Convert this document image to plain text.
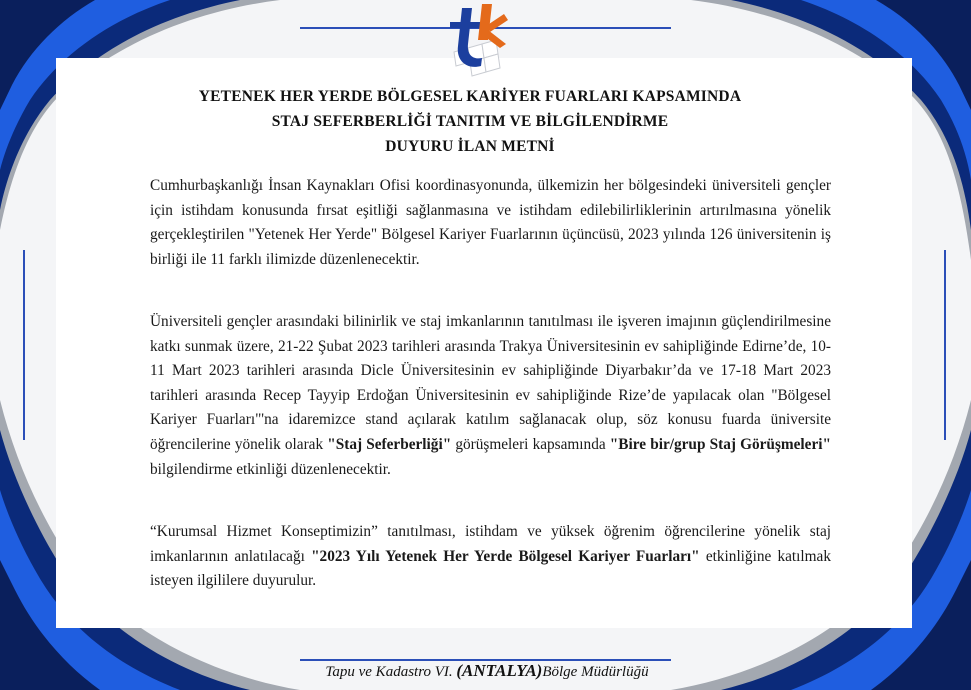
YETENEK HER YERDE BÖLGESEL KARİYER FUARLARI KAPSAMINDA
STAJ SEFERBERLİĞİ TANITIM VE BİLGİLENDİRME
DUYURU İLAN METNİ

Cumhurbaşkanlığı İnsan Kaynakları Ofisi koordinasyonunda, ülkemizin her bölgesindeki üniversiteli gençler için istihdam konusunda fırsat eşitliği sağlanmasına ve istihdam edilebilirliklerinin artırılmasına yönelik gerçekleştirilen "Yetenek Her Yerde" Bölgesel Kariyer Fuarlarının üçüncüsü, 2023 yılında 126 üniversitenin iş birliği ile 11 farklı ilimizde düzenlenecektir.

Üniversiteli gençler arasındaki bilinirlik ve staj imkanlarının tanıtılması ile işveren imajının güçlendirilmesine katkı sunmak üzere, 21-22 Şubat 2023 tarihleri arasında Trakya Üniversitesinin ev sahipliğinde Edirne’de, 10-11 Mart 2023 tarihleri arasında Dicle Üniversitesinin ev sahipliğinde Diyarbakır’da ve 17-18 Mart 2023 tarihleri arasında Recep Tayyip Erdoğan Üniversitesinin ev sahipliğinde Rize’de yapılacak olan "Bölgesel Kariyer Fuarları"'na idaremizce stand açılarak katılım sağlanacak olup, söz konusu fuarda üniversite öğrencilerine yönelik olarak "Staj Seferberliği" görüşmeleri kapsamında "Bire bir/grup Staj Görüşmeleri" bilgilendirme etkinliği düzenlenecektir.

“Kurumsal Hizmet Konseptimizin” tanıtılması, istihdam ve yüksek öğrenim öğrencilerine yönelik staj imkanlarının anlatılacağı "2023 Yılı Yetenek Her Yerde Bölgesel Kariyer Fuarları" etkinliğine katılmak isteyen ilgililere duyurulur.

Tapu ve Kadastro VI. (ANTALYA)Bölge Müdürlüğü
